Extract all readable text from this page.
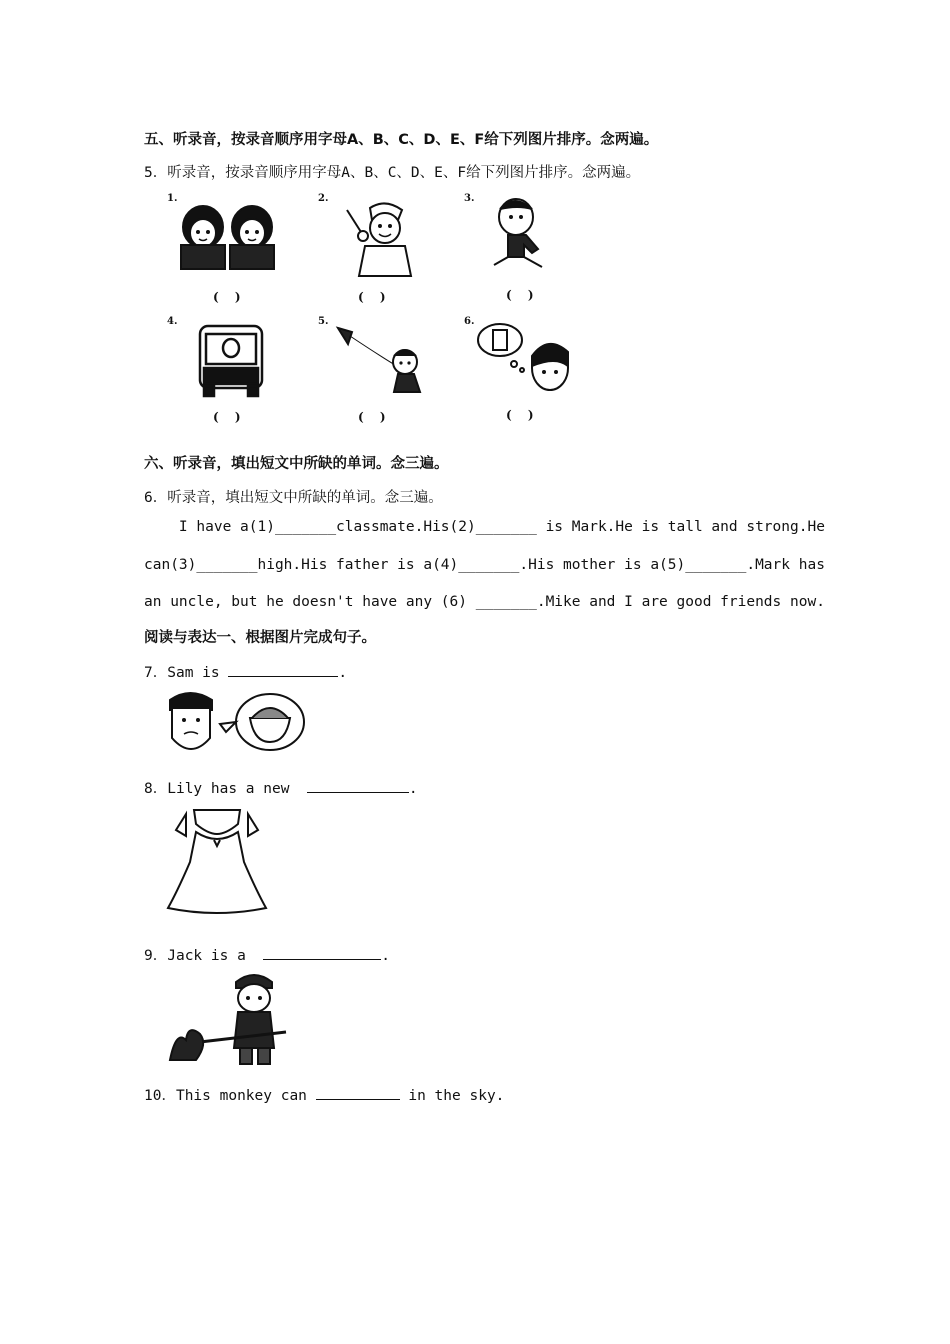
五、听录音，按录音顺序用字母A、B、C、D、E、F给下列图片排序。念两遍。
5．听录音，按录音顺序用字母A、B、C、D、E、F给下列图片排序。念两遍。
1.
( )
2.
( )
3.
( )
4.
( )
5.
( )
6.
( )
六、听录音，填出短文中所缺的单词。念三遍。
6．听录音，填出短文中所缺的单词。念三遍。
I have a(1)_______classmate.His(2)_______ is Mark.He is tall and strong.He
can(3)_______high.His father is a(4)_______.His mother is a(5)_______.Mark has
an uncle, but he doesn't have any (6) _______.Mike and I are good friends now.
阅读与表达一、根据图片完成句子。
7．Sam is	.
8．Lily has a new	.
9．Jack is a	.
10．This monkey can	in the sky.
